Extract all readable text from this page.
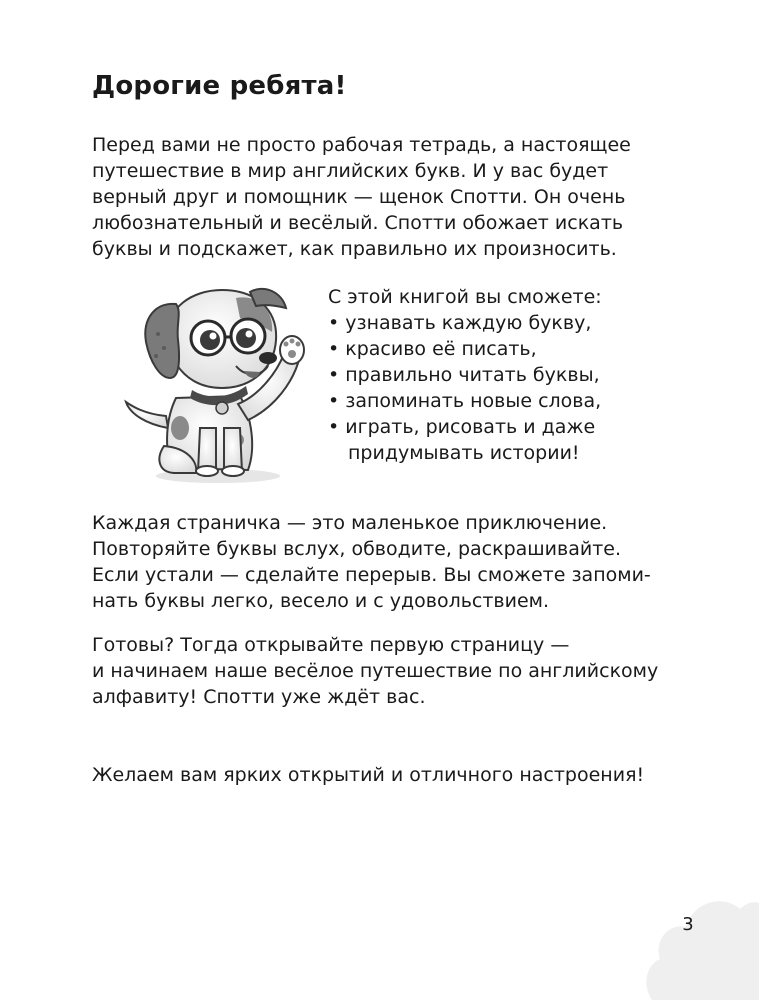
Дорогие ребята!

Перед вами не просто рабочая тетрадь, а настоящее
путешествие в мир английских букв. И у вас будет
верный друг и помощник — щенок Спотти. Он очень
любознательный и весёлый. Спотти обожает искать
буквы и подскажет, как правильно их произносить.

С этой книгой вы сможете:
• узнавать каждую букву,
• красиво её писать,
• правильно читать буквы,
• запоминать новые слова,
• играть, рисовать и даже
придумывать истории!

Каждая страничка — это маленькое приключение.
Повторяйте буквы вслух, обводите, раскрашивайте.
Если устали — сделайте перерыв. Вы сможете запоми-
нать буквы легко, весело и с удовольствием.

Готовы? Тогда открывайте первую страницу —
и начинаем наше весёлое путешествие по английскому
алфавиту! Спотти уже ждёт вас.

Желаем вам ярких открытий и отличного настроения!

3
